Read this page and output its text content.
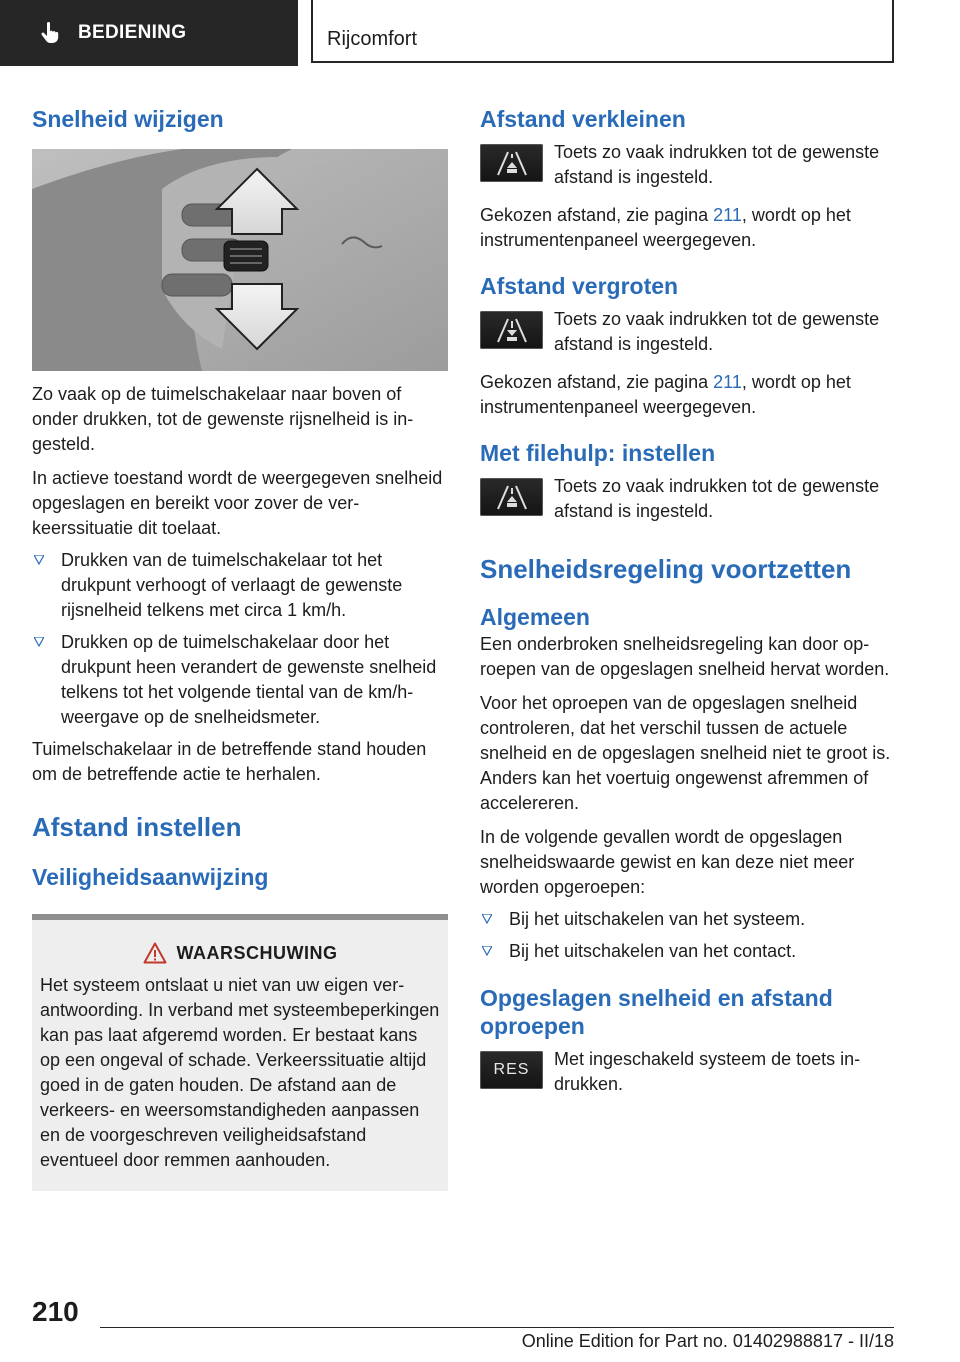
BEDIENING	Rijcomfort
Snelheid wijzigen

Zo vaak op de tuimelschakelaar naar boven of onder drukken, tot de gewenste rijsnelheid is ingesteld.

In actieve toestand wordt de weergegeven snelheid opgeslagen en bereikt voor zover de verkeerssituatie dit toelaat.

Drukken van de tuimelschakelaar tot het drukpunt verhoogt of verlaagt de gewenste rijsnelheid telkens met circa 1 km/h.
Drukken op de tuimelschakelaar door het drukpunt heen verandert de gewenste snelheid telkens tot het volgende tiental van de km/h-weergave op de snelheidsmeter.

Tuimelschakelaar in de betreffende stand houden om de betreffende actie te herhalen.

Afstand instellen
Veiligheidsaanwijzing
WAARSCHUWING

Het systeem ontslaat u niet van uw eigen verantwoording. In verband met systeembeperkingen kan pas laat afgeremd worden. Er bestaat kans op een ongeval of schade. Verkeerssituatie altijd goed in de gaten houden. De afstand aan de verkeers- en weersomstandigheden aanpassen en de voorgeschreven veiligheidsafstand eventueel door remmen aanhouden.

Afstand verkleinen

Toets zo vaak indrukken tot de gewenste afstand is ingesteld.

Gekozen afstand, zie pagina 211, wordt op het instrumentenpaneel weergegeven.

Afstand vergroten

Toets zo vaak indrukken tot de gewenste afstand is ingesteld.

Gekozen afstand, zie pagina 211, wordt op het instrumentenpaneel weergegeven.

Met filehulp: instellen

Toets zo vaak indrukken tot de gewenste afstand is ingesteld.

Snelheidsregeling voortzetten
Algemeen

Een onderbroken snelheidsregeling kan door oproepen van de opgeslagen snelheid hervat worden.

Voor het oproepen van de opgeslagen snelheid controleren, dat het verschil tussen de actuele snelheid en de opgeslagen snelheid niet te groot is. Anders kan het voertuig ongewenst afremmen of accelereren.

In de volgende gevallen wordt de opgeslagen snelheidswaarde gewist en kan deze niet meer worden opgeroepen:

Bij het uitschakelen van het systeem.
Bij het uitschakelen van het contact.
Opgeslagen snelheid en afstand oproepen
RES

Met ingeschakeld systeem de toets indrukken.

210
Online Edition for Part no. 01402988817 - II/18
